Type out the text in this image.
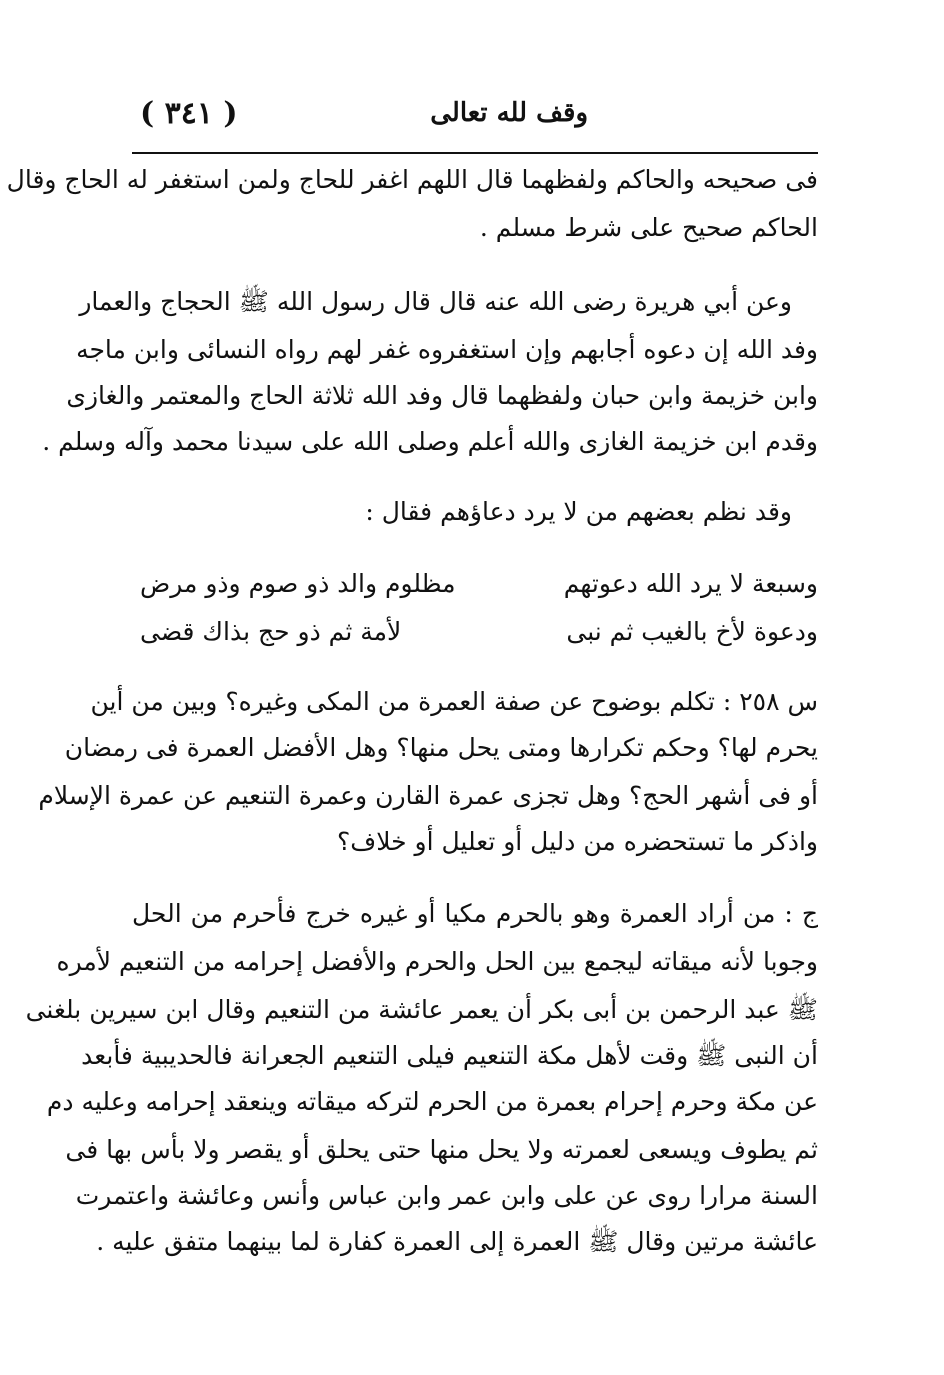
( ٣٤١ )	وقف لله تعالى
فى صحيحه والحاكم ولفظهما قال اللهم اغفر للحاج ولمن استغفر له الحاج وقال
الحاكم صحيح على شرط مسلم .
وعن أبي هريرة رضى الله عنه قال قال رسول الله ﷺ الحجاج والعمار
وفد الله إن دعوه أجابهم وإن استغفروه غفر لهم رواه النسائى وابن ماجه
وابن خزيمة وابن حبان ولفظهما قال وفد الله ثلاثة الحاج والمعتمر والغازى
وقدم ابن خزيمة الغازى والله أعلم وصلى الله على سيدنا محمد وآله وسلم .
وقد نظم بعضهم من لا يرد دعاؤهم فقال :
وسبعة لا يرد الله دعوتهم
مظلوم والد ذو صوم وذو مرض
ودعوة لأخ بالغيب ثم نبى
لأمة ثم ذو حج بذاك قضى
س ٢٥٨ : تكلم بوضوح عن صفة العمرة من المكى وغيره؟ وبين من أين
يحرم لها؟ وحكم تكرارها ومتى يحل منها؟ وهل الأفضل العمرة فى رمضان
أو فى أشهر الحج؟ وهل تجزى عمرة القارن وعمرة التنعيم عن عمرة الإسلام
واذكر ما تستحضره من دليل أو تعليل أو خلاف؟
ج : من أراد العمرة وهو بالحرم مكيا أو غيره خرج فأحرم من الحل
وجوبا لأنه ميقاته ليجمع بين الحل والحرم والأفضل إحرامه من التنعيم لأمره
ﷺ عبد الرحمن بن أبى بكر أن يعمر عائشة من التنعيم وقال ابن سيرين بلغنى
أن النبى ﷺ وقت لأهل مكة التنعيم فيلى التنعيم الجعرانة فالحديبية فأبعد
عن مكة وحرم إحرام بعمرة من الحرم لتركه ميقاته وينعقد إحرامه وعليه دم
ثم يطوف ويسعى لعمرته ولا يحل منها حتى يحلق أو يقصر ولا بأس بها فى
السنة مرارا روى عن على وابن عمر وابن عباس وأنس وعائشة واعتمرت
عائشة مرتين وقال ﷺ العمرة إلى العمرة كفارة لما بينهما متفق عليه .
